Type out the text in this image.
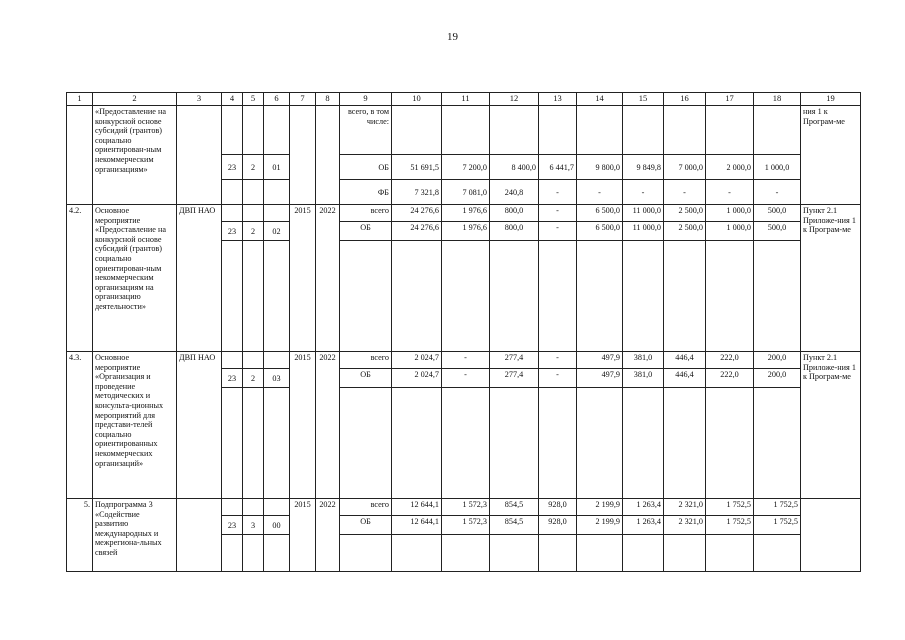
19
1	2	3	4	5	6	7	8	9	10	11	12	13	14	15	16	17	18	19
	«Предоставление на конкурсной основе субсидий (грантов) социально ориентирован-ным некоммерческим организациям»							всего, в том числе:										ния 1 к Програм-ме
			23	2	01			ОБ	51 691,5	7 200,0	8 400,0	6 441,7	9 800,0	9 849,8	7 000,0	2 000,0	1 000,0	
								ФБ	7 321,8	7 081,0	240,8	-	-	-	-	-	-	
4.2.	Основное мероприятие «Предоставление на конкурсной основе субсидий (грантов) социально ориентирован-ным некоммерческим организациям на организацию деятельности»	ДВП НАО				2015	2022	всего	24 276,6	1 976,6	800,0	-	6 500,0	11 000,0	2 500,0	1 000,0	500,0	Пункт 2.1 Приложе-ния 1 к Програм-ме
			23	2	02			ОБ	24 276,6	1 976,6	800,0	-	6 500,0	11 000,0	2 500,0	1 000,0	500,0	

4.3.	Основное мероприятие «Организация и проведение методических и консульта-ционных мероприятий для представи-телей социально ориентированных некоммерческих организаций»	ДВП НАО				2015	2022	всего	2 024,7	-	277,4	-	497,9	381,0	446,4	222,0	200,0	Пункт 2.1 Приложе-ния 1 к Програм-ме
			23	2	03			ОБ	2 024,7	-	277,4	-	497,9	381,0	446,4	222,0	200,0	

5.	Подпрограмма 3 «Содействие развитию международных и межрегиона-льных связей					2015	2022	всего	12 644,1	1 572,3	854,5	928,0	2 199,9	1 263,4	2 321,0	1 752,5	1 752,5	
			23	3	00			ОБ	12 644,1	1 572,3	854,5	928,0	2 199,9	1 263,4	2 321,0	1 752,5	1 752,5	
